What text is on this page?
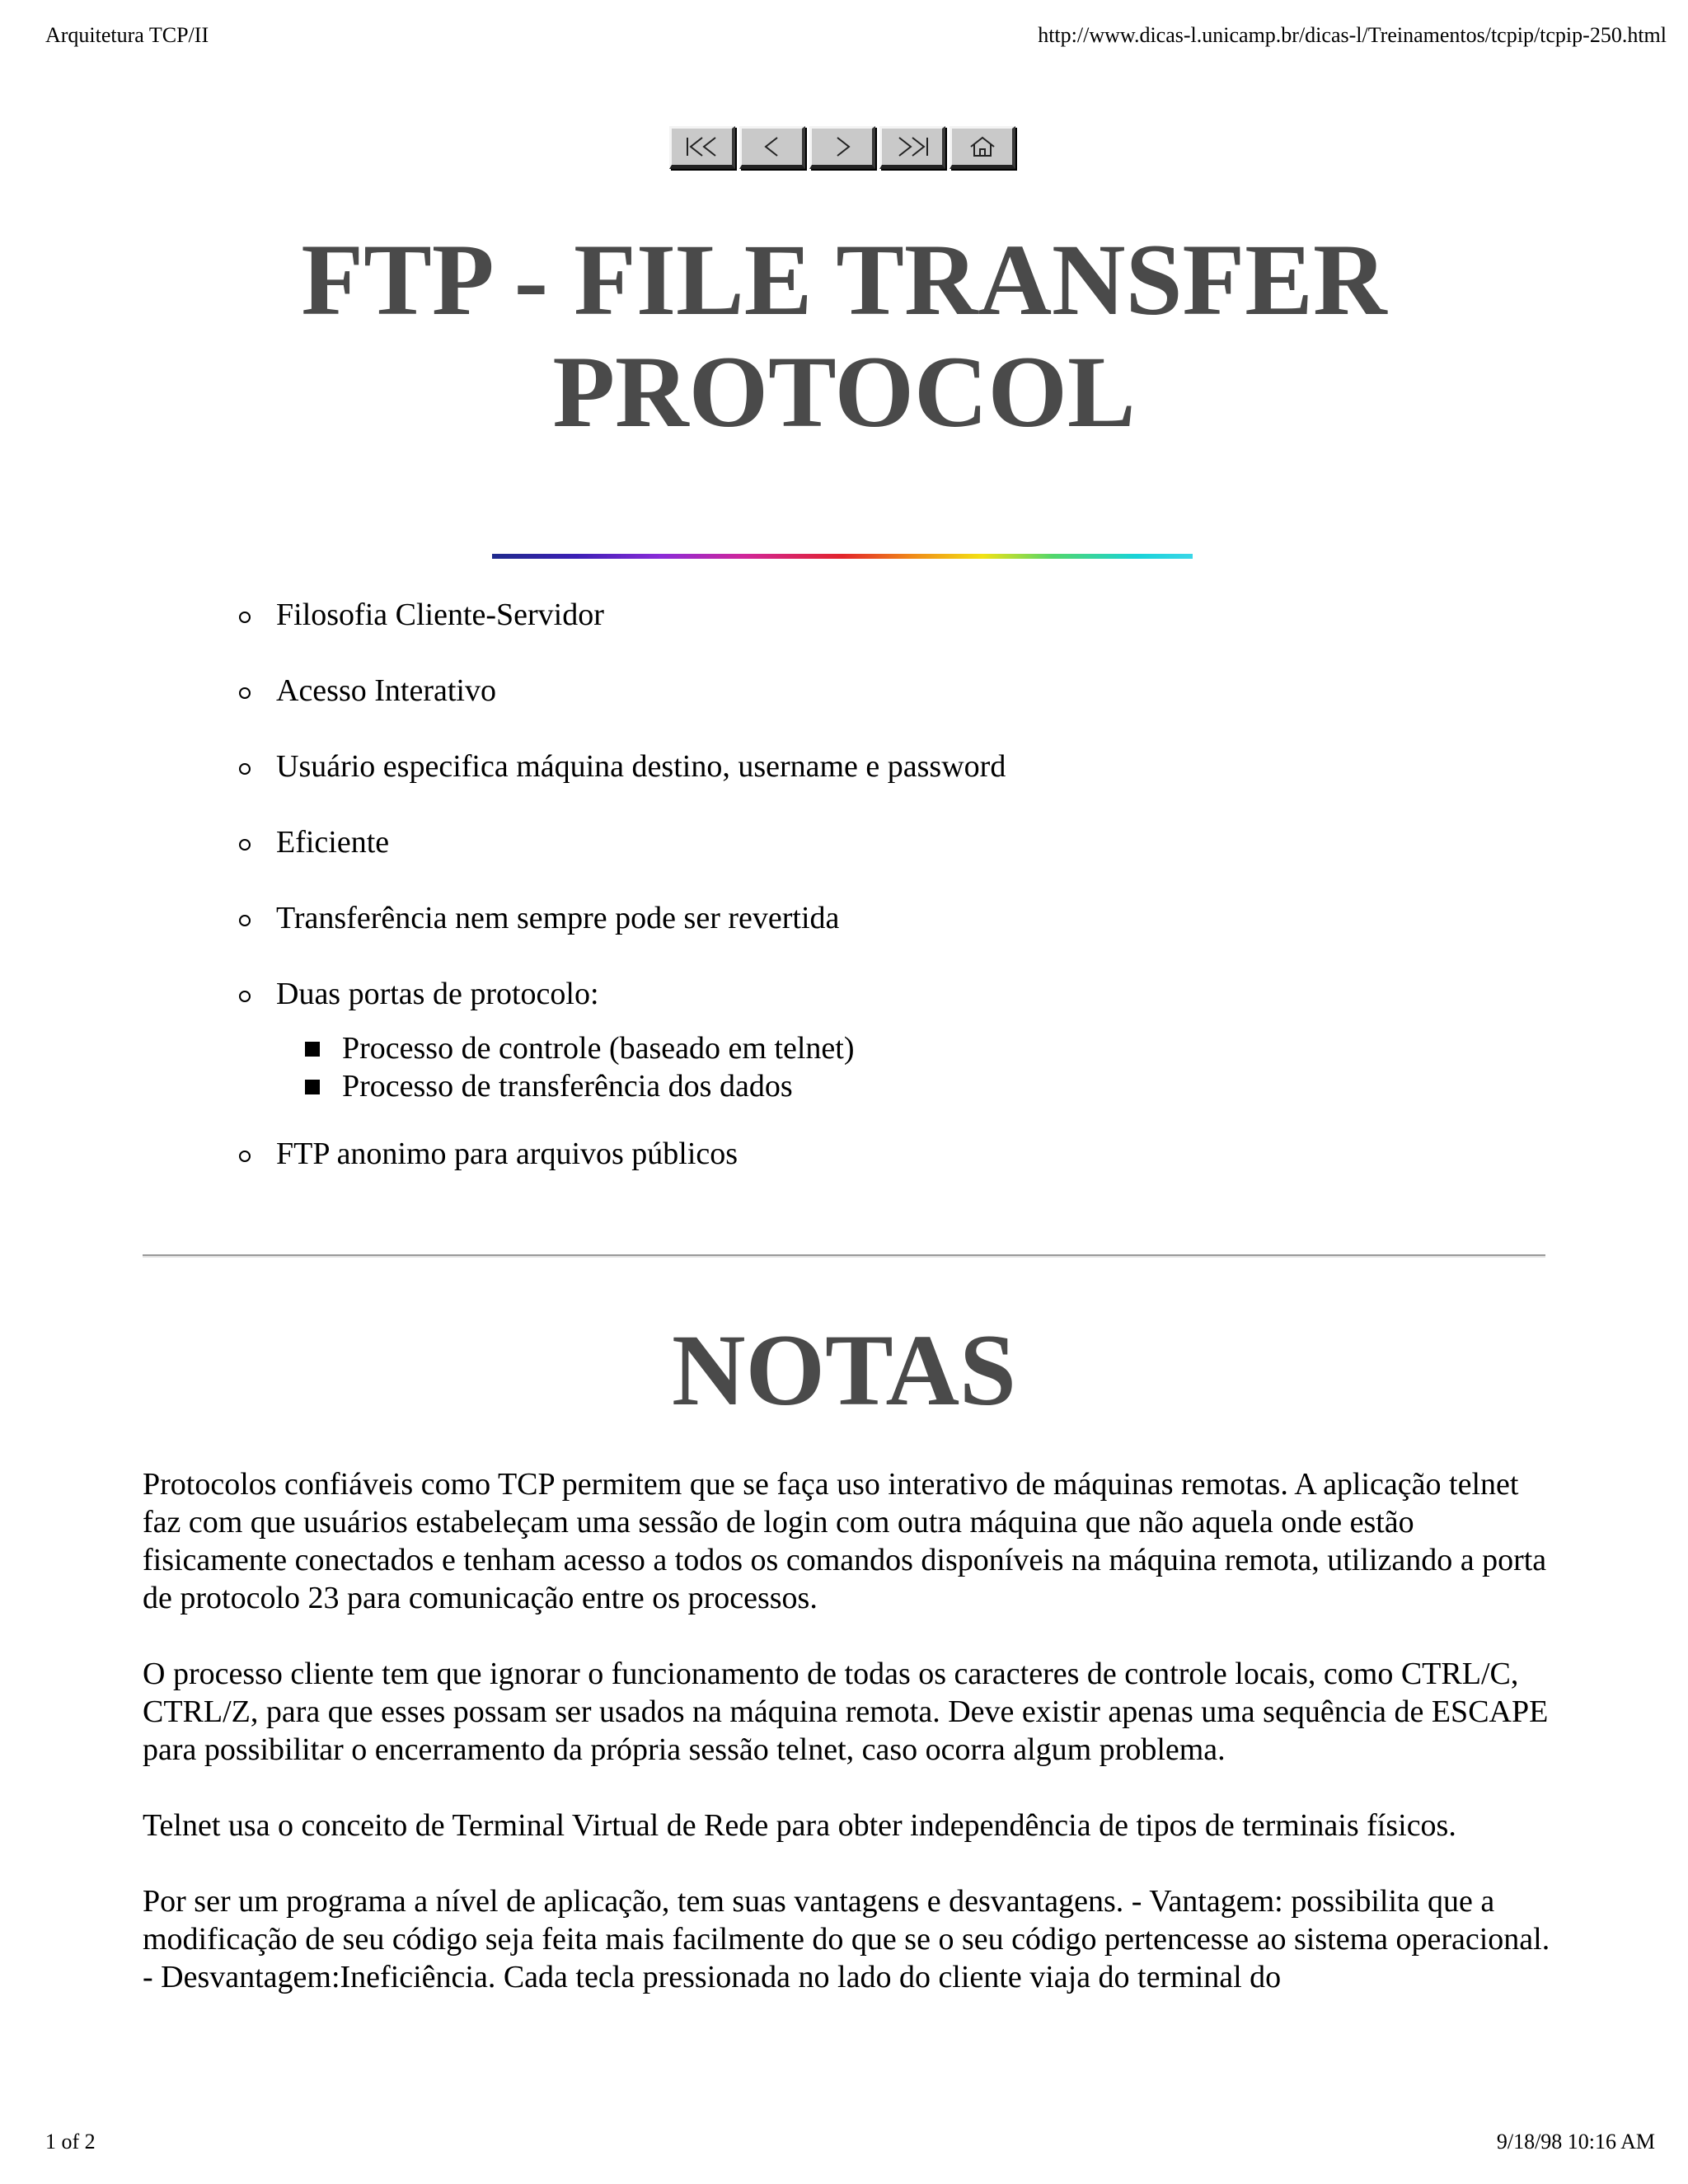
Arquitetura TCP/II	http://www.dicas-l.unicamp.br/dicas-l/Treinamentos/tcpip/tcpip-250.html
FTP - FILE TRANSFER
PROTOCOL
Filosofia Cliente-Servidor
Acesso Interativo
Usuário especifica máquina destino, username e password
Eficiente
Transferência nem sempre pode ser revertida
Duas portas de protocolo:
Processo de controle (baseado em telnet)
Processo de transferência dos dados
FTP anonimo para arquivos públicos
NOTAS

Protocolos confiáveis como TCP permitem que se faça uso interativo de máquinas remotas. A aplicação telnet faz com que usuários estabeleçam uma sessão de login com outra máquina que não aquela onde estão fisicamente conectados e tenham acesso a todos os comandos disponíveis na máquina remota, utilizando a porta de protocolo 23 para comunicação entre os processos.

O processo cliente tem que ignorar o funcionamento de todas os caracteres de controle locais, como CTRL/C, CTRL/Z, para que esses possam ser usados na máquina remota. Deve existir apenas uma sequência de ESCAPE para possibilitar o encerramento da própria sessão telnet, caso ocorra algum problema.

Telnet usa o conceito de Terminal Virtual de Rede para obter independência de tipos de terminais físicos.

Por ser um programa a nível de aplicação, tem suas vantagens e desvantagens. - Vantagem: possibilita que a modificação de seu código seja feita mais facilmente do que se o seu código pertencesse ao sistema operacional. - Desvantagem:Ineficiência. Cada tecla pressionada no lado do cliente viaja do terminal do

1 of 2	9/18/98 10:16 AM
